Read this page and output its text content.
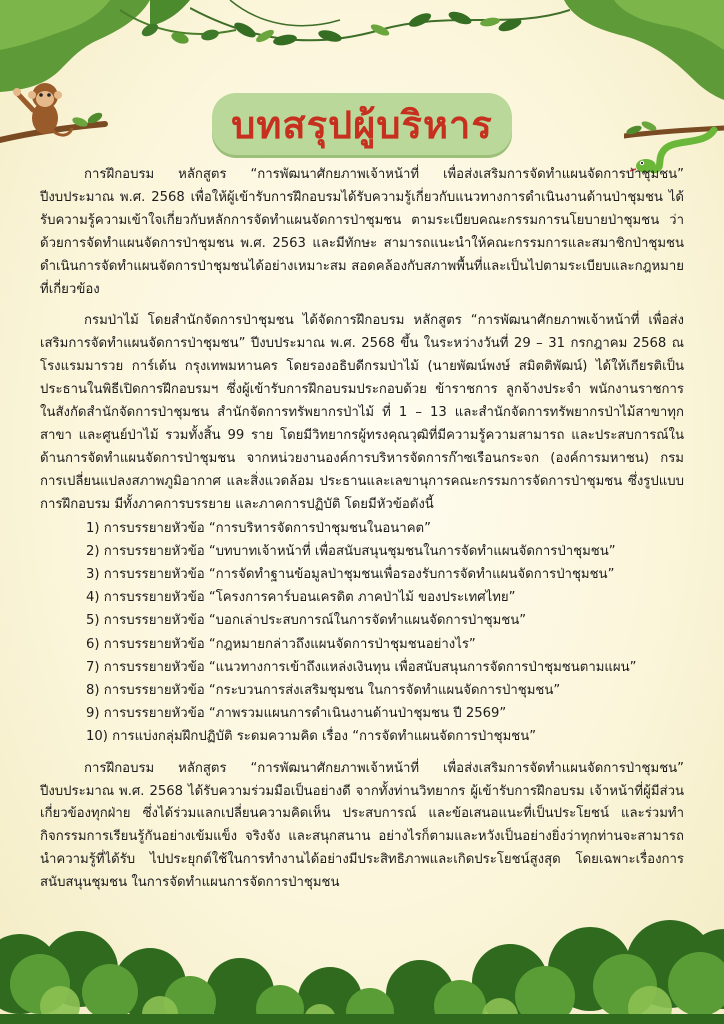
บทสรุปผู้บริหาร

การฝึกอบรม หลักสูตร “การพัฒนาศักยภาพเจ้าหน้าที่ เพื่อส่งเสริมการจัดทำแผนจัดการป่าชุมชน” ปีงบประมาณ พ.ศ. 2568 เพื่อให้ผู้เข้ารับการฝึกอบรมได้รับความรู้เกี่ยวกับแนวทางการดำเนินงานด้านป่าชุมชน ได้รับความรู้ความเข้าใจเกี่ยวกับหลักการจัดทำแผนจัดการป่าชุมชน ตามระเบียบคณะกรรมการนโยบายป่าชุมชน ว่าด้วยการจัดทำแผนจัดการป่าชุมชน พ.ศ. 2563 และมีทักษะ สามารถแนะนำให้คณะกรรมการและสมาชิกป่าชุมชนดำเนินการจัดทำแผนจัดการป่าชุมชนได้อย่างเหมาะสม สอดคล้องกับสภาพพื้นที่และเป็นไปตามระเบียบและกฎหมายที่เกี่ยวข้อง

กรมป่าไม้ โดยสำนักจัดการป่าชุมชน ได้จัดการฝึกอบรม หลักสูตร “การพัฒนาศักยภาพเจ้าหน้าที่ เพื่อส่งเสริมการจัดทำแผนจัดการป่าชุมชน” ปีงบประมาณ พ.ศ. 2568 ขึ้น ในระหว่างวันที่ 29 – 31 กรกฎาคม 2568 ณ โรงแรมมารวย การ์เด้น กรุงเทพมหานคร โดยรองอธิบดีกรมป่าไม้ (นายพัฒน์พงษ์ สมิตติพัฒน์) ได้ให้เกียรติเป็นประธานในพิธีเปิดการฝึกอบรมฯ ซึ่งผู้เข้ารับการฝึกอบรมประกอบด้วย ข้าราชการ ลูกจ้างประจำ พนักงานราชการ ในสังกัดสำนักจัดการป่าชุมชน สำนักจัดการทรัพยากรป่าไม้ ที่ 1 – 13 และสำนักจัดการทรัพยากรป่าไม้สาขาทุกสาขา และศูนย์ป่าไม้ รวมทั้งสิ้น 99 ราย โดยมีวิทยากรผู้ทรงคุณวุฒิที่มีความรู้ความสามารถ และประสบการณ์ในด้านการจัดทำแผนจัดการป่าชุมชน จากหน่วยงานองค์การบริหารจัดการก๊าซเรือนกระจก (องค์การมหาชน) กรมการเปลี่ยนแปลงสภาพภูมิอากาศ และสิ่งแวดล้อม ประธานและเลขานุการคณะกรรมการจัดการป่าชุมชน ซึ่งรูปแบบการฝึกอบรม มีทั้งภาคการบรรยาย และภาคการปฏิบัติ โดยมีหัวข้อดังนี้

1) การบรรยายหัวข้อ “การบริหารจัดการป่าชุมชนในอนาคต”
2) การบรรยายหัวข้อ “บทบาทเจ้าหน้าที่ เพื่อสนับสนุนชุมชนในการจัดทำแผนจัดการป่าชุมชน”
3) การบรรยายหัวข้อ “การจัดทำฐานข้อมูลป่าชุมชนเพื่อรองรับการจัดทำแผนจัดการป่าชุมชน”
4) การบรรยายหัวข้อ “โครงการคาร์บอนเครดิต ภาคป่าไม้ ของประเทศไทย”
5) การบรรยายหัวข้อ “บอกเล่าประสบการณ์ในการจัดทำแผนจัดการป่าชุมชน”
6) การบรรยายหัวข้อ “กฎหมายกล่าวถึงแผนจัดการป่าชุมชนอย่างไร”
7) การบรรยายหัวข้อ “แนวทางการเข้าถึงแหล่งเงินทุน เพื่อสนับสนุนการจัดการป่าชุมชนตามแผน”
8) การบรรยายหัวข้อ “กระบวนการส่งเสริมชุมชน ในการจัดทำแผนจัดการป่าชุมชน”
9) การบรรยายหัวข้อ “ภาพรวมแผนการดำเนินงานด้านป่าชุมชน ปี 2569”
10) การแบ่งกลุ่มฝึกปฏิบัติ ระดมความคิด เรื่อง “การจัดทำแผนจัดการป่าชุมชน”

การฝึกอบรม หลักสูตร “การพัฒนาศักยภาพเจ้าหน้าที่ เพื่อส่งเสริมการจัดทำแผนจัดการป่าชุมชน” ปีงบประมาณ พ.ศ. 2568 ได้รับความร่วมมือเป็นอย่างดี จากทั้งท่านวิทยากร ผู้เข้ารับการฝึกอบรม เจ้าหน้าที่ผู้มีส่วนเกี่ยวข้องทุกฝ่าย ซึ่งได้ร่วมแลกเปลี่ยนความคิดเห็น ประสบการณ์ และข้อเสนอแนะที่เป็นประโยชน์ และร่วมทำกิจกรรมการเรียนรู้กันอย่างเข้มแข็ง จริงจัง และสนุกสนาน อย่างไรก็ตามและหวังเป็นอย่างยิ่งว่าทุกท่านจะสามารถนำความรู้ที่ได้รับ ไปประยุกต์ใช้ในการทำงานได้อย่างมีประสิทธิภาพและเกิดประโยชน์สูงสุด โดยเฉพาะเรื่องการสนับสนุนชุมชน ในการจัดทำแผนการจัดการป่าชุมชน
